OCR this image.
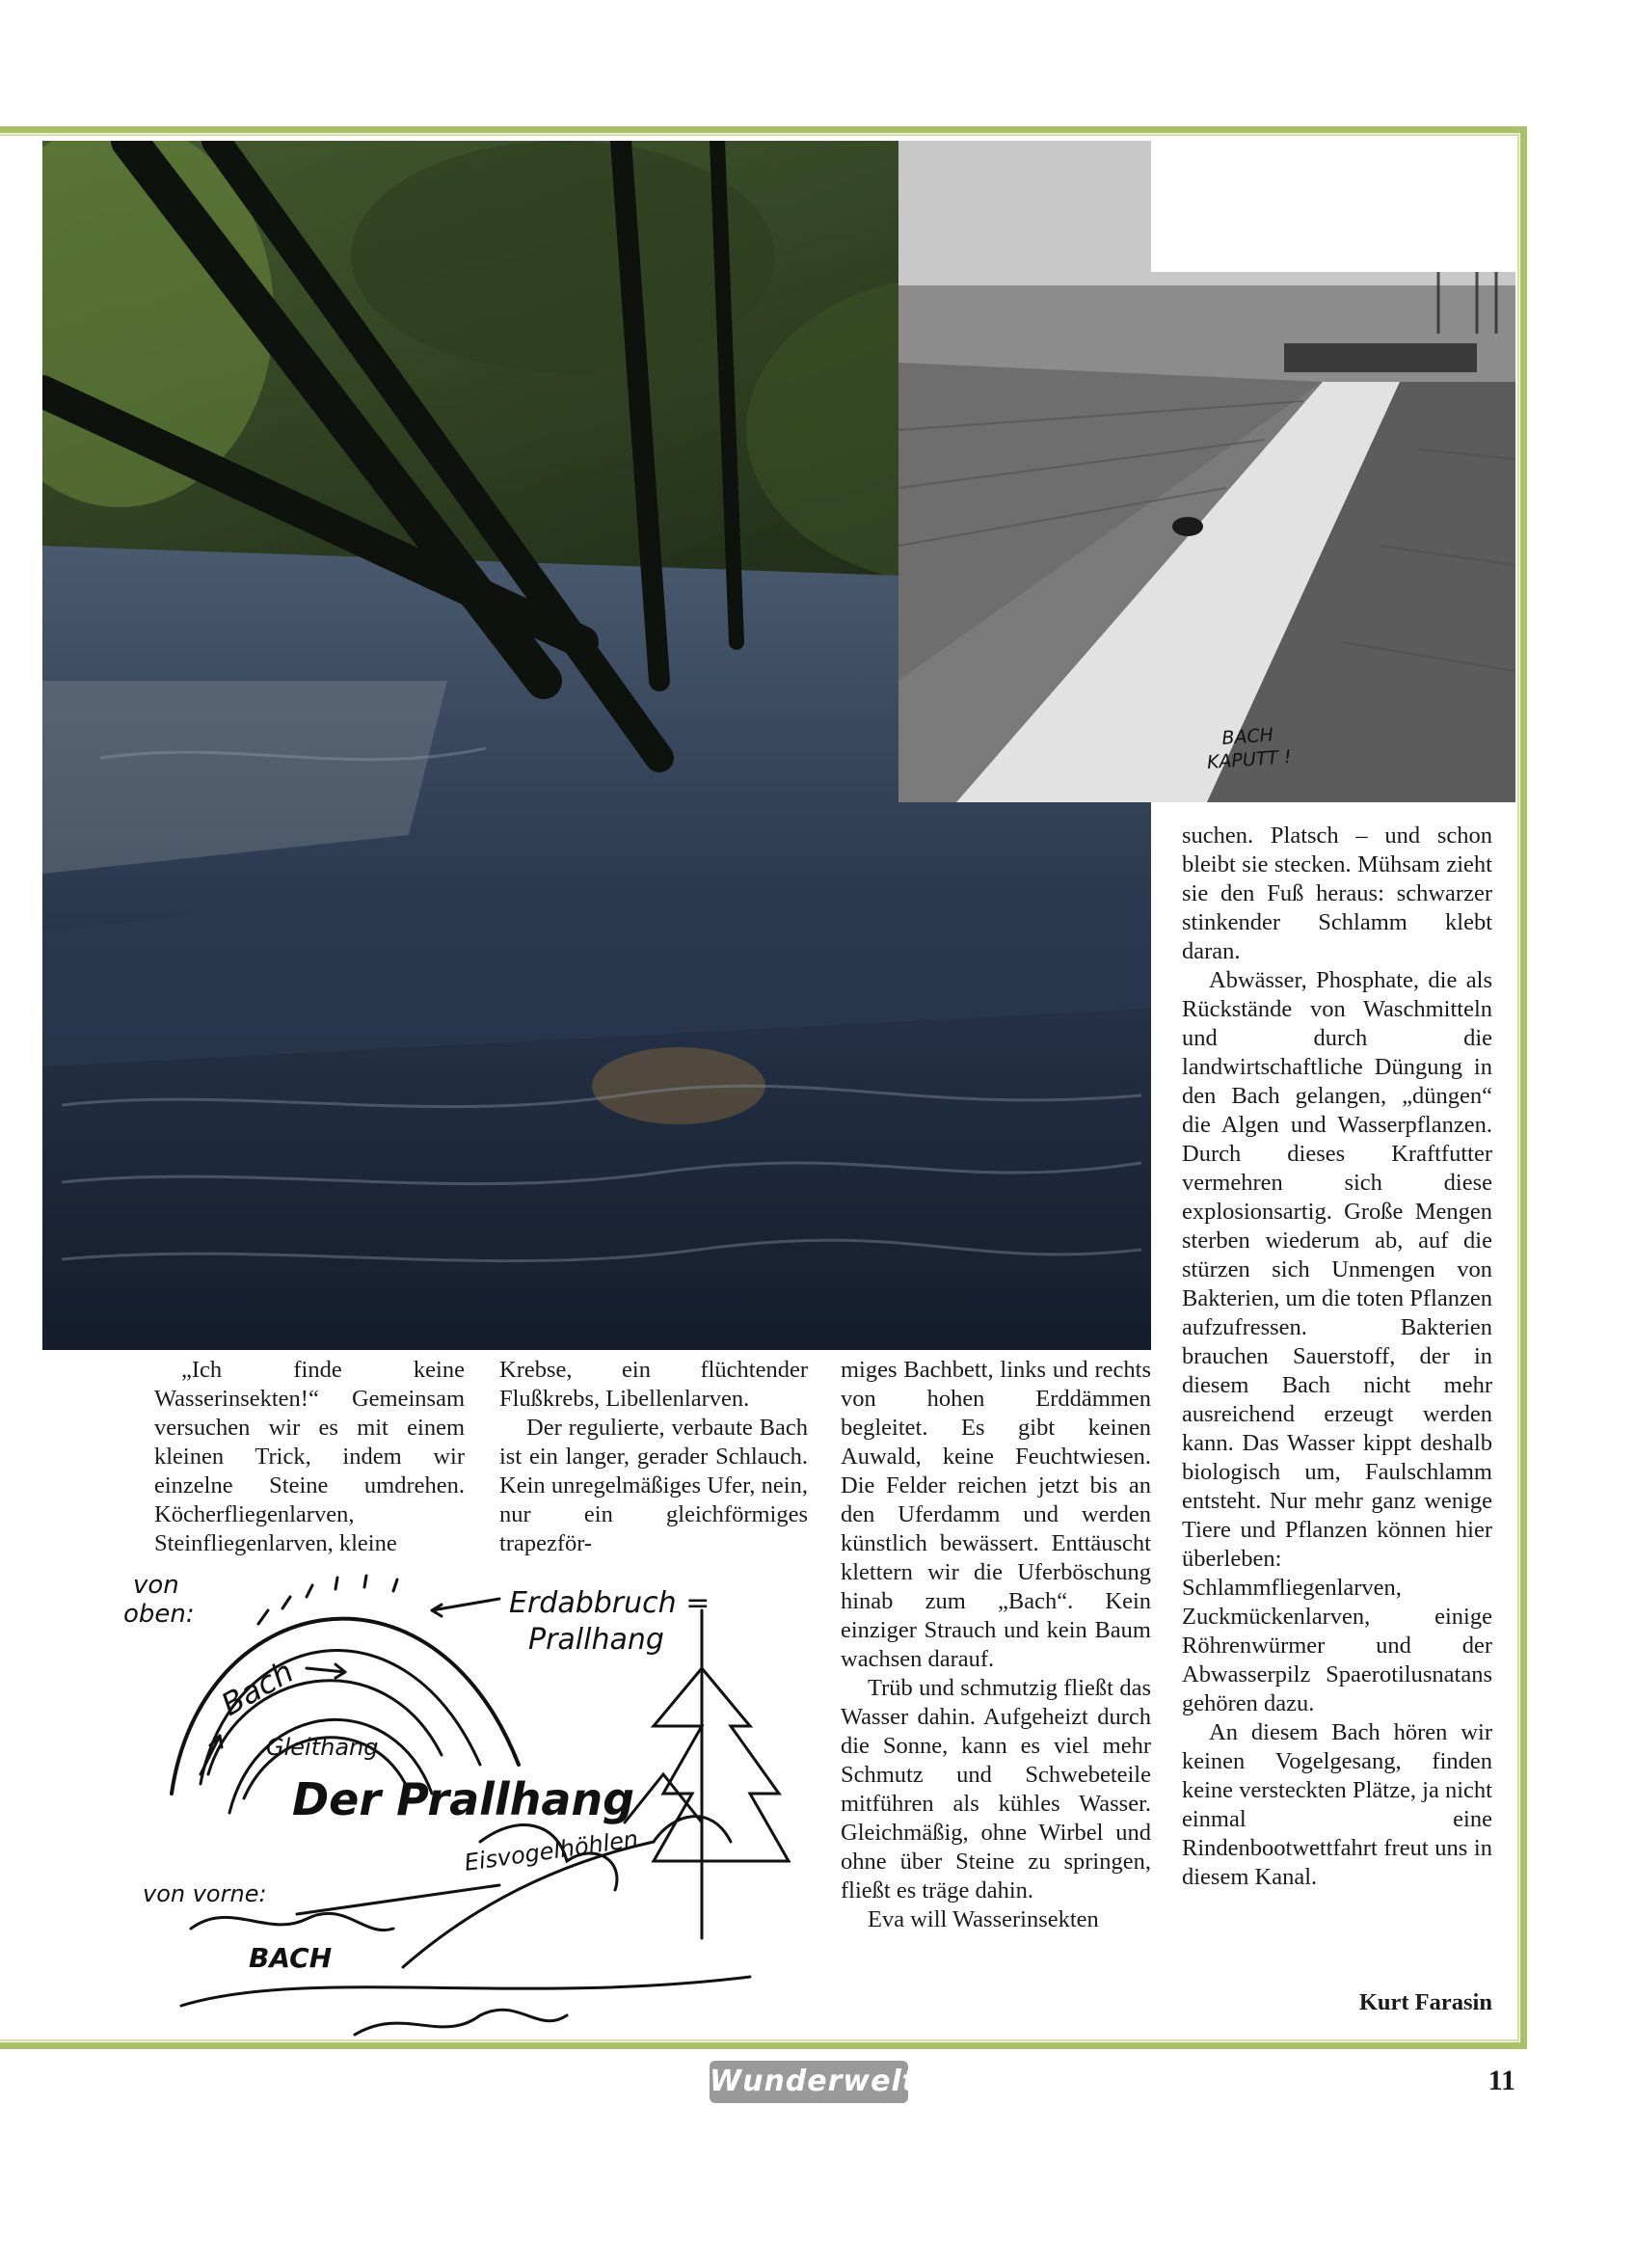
BACH
KAPUTT !

„Ich finde keine Wasserinsekten!“ Gemeinsam versuchen wir es mit einem kleinen Trick, indem wir einzelne Steine umdrehen. Köcherfliegenlarven, Steinfliegenlarven, kleine

Krebse, ein flüchtender Flußkrebs, Libellenlarven.

Der regulierte, verbaute Bach ist ein langer, gerader Schlauch. Kein unregelmäßiges Ufer, nein, nur ein gleichförmiges trapezför-

miges Bachbett, links und rechts von hohen Erddämmen begleitet. Es gibt keinen Auwald, keine Feuchtwiesen. Die Felder reichen jetzt bis an den Uferdamm und werden künstlich bewässert. Enttäuscht klettern wir die Uferböschung hinab zum „Bach“. Kein einziger Strauch und kein Baum wachsen darauf.

Trüb und schmutzig fließt das Wasser dahin. Aufgeheizt durch die Sonne, kann es viel mehr Schmutz und Schwebeteile mitführen als kühles Wasser. Gleichmäßig, ohne Wirbel und ohne über Steine zu springen, fließt es träge dahin.

Eva will Wasserinsekten

suchen. Platsch – und schon bleibt sie stecken. Mühsam zieht sie den Fuß heraus: schwarzer stinkender Schlamm klebt daran.

Abwässer, Phosphate, die als Rückstände von Waschmitteln und durch die landwirtschaftliche Düngung in den Bach gelangen, „düngen“ die Algen und Wasserpflanzen. Durch dieses Kraftfutter vermehren sich diese explosionsartig. Große Mengen sterben wiederum ab, auf die stürzen sich Unmengen von Bakterien, um die toten Pflanzen aufzufressen. Bakterien brauchen Sauerstoff, der in diesem Bach nicht mehr ausreichend erzeugt werden kann. Das Wasser kippt deshalb biologisch um, Faulschlamm entsteht. Nur mehr ganz wenige Tiere und Pflanzen können hier überleben: Schlammfliegenlarven, Zuckmückenlarven, einige Röhrenwürmer und der Abwasserpilz Spaerotilusnatans gehören dazu.

An diesem Bach hören wir keinen Vogelgesang, finden keine versteckten Plätze, ja nicht einmal eine Rindenbootwettfahrt freut uns in diesem Kanal.

Kurt Farasin
von
oben:	Erdabbruch =
Prallhang
Bach
Gleithang
Der Prallhang
von vorne:
Eisvogelhöhlen
BACH
Wunderwelt	11
